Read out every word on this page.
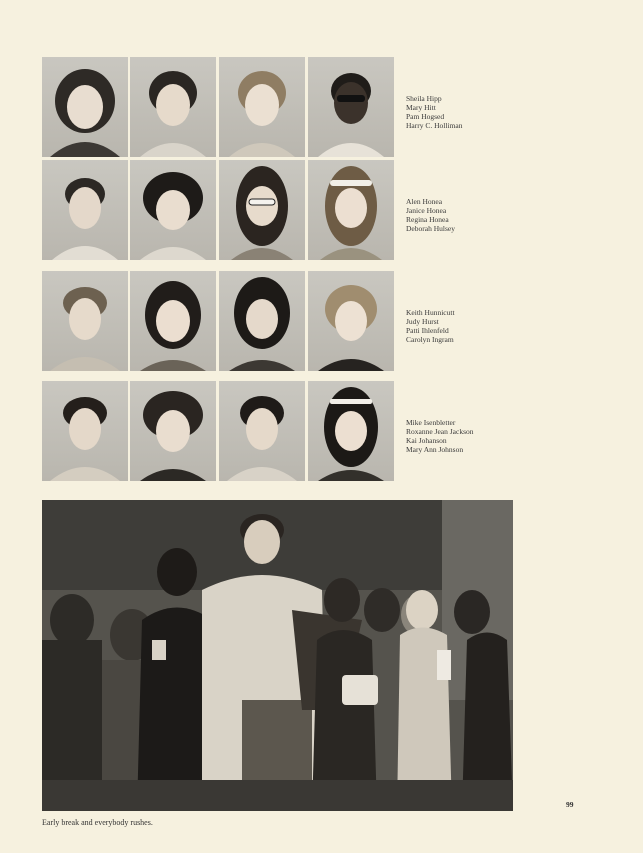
Sheila Hipp
Mary Hitt
Pam Hogsed
Harry C. Holliman
Alen Honea
Janice Honea
Regina Honea
Deborah Hulsey
Keith Hunnicutt
Judy Hurst
Patti Ihlenfeld
Carolyn Ingram
Mike Isenbletter
Roxanne Jean Jackson
Kai Johanson
Mary Ann Johnson
Early break and everybody rushes.
99
